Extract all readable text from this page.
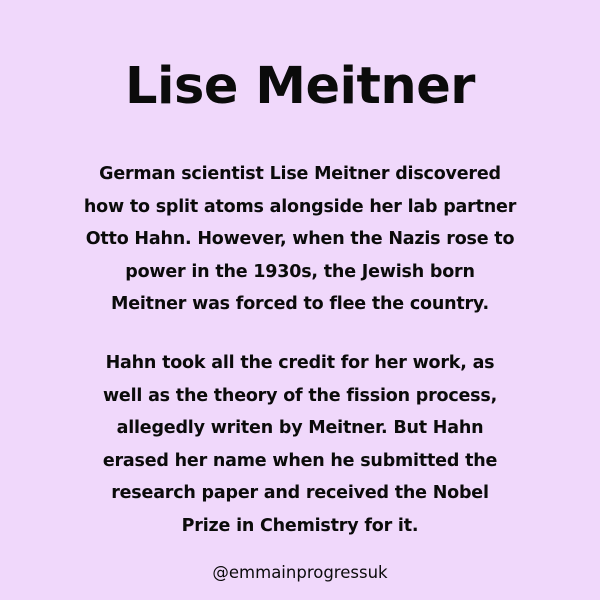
Lise Meitner

German scientist Lise Meitner discovered
how to split atoms alongside her lab partner
Otto Hahn. However, when the Nazis rose to
power in the 1930s, the Jewish born
Meitner was forced to flee the country.

Hahn took all the credit for her work, as
well as the theory of the fission process,
allegedly writen by Meitner. But Hahn
erased her name when he submitted the
research paper and received the Nobel
Prize in Chemistry for it.

@emmainprogressuk
